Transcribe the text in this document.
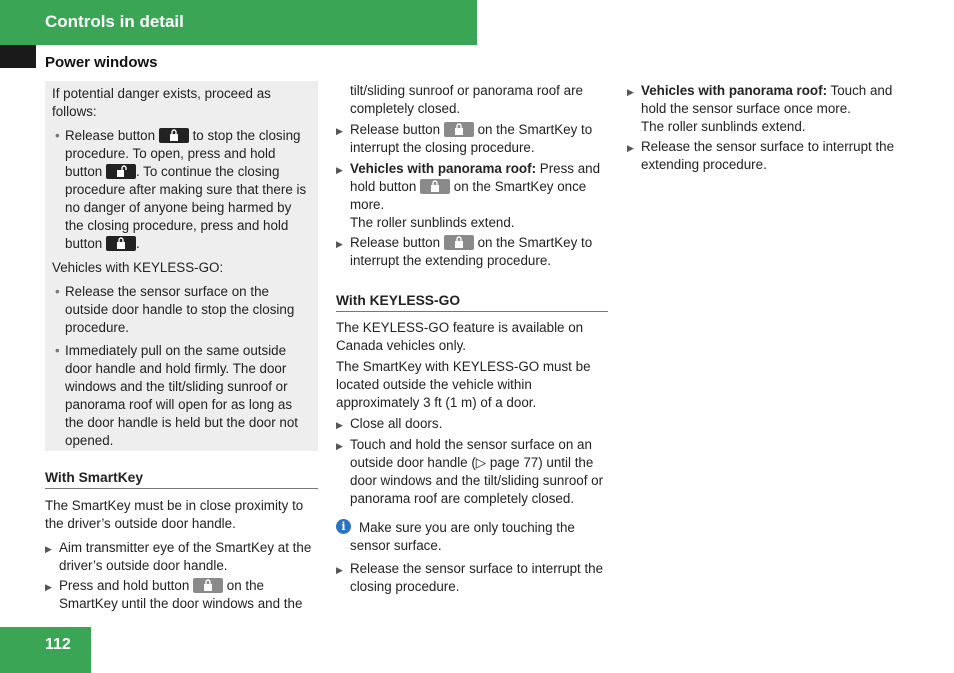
Controls in detail
Power windows
If potential danger exists, proceed as follows:
• Release button	to stop the closing procedure. To open, press and hold button	. To continue the closing procedure after making sure that there is no danger of anyone being harmed by the closing procedure, press and hold button	.
Vehicles with KEYLESS-GO:
• Release the sensor surface on the outside door handle to stop the closing procedure.
• Immediately pull on the same outside door handle and hold firmly. The door windows and the tilt/sliding sunroof or panorama roof will open for as long as the door handle is held but the door not opened.
With SmartKey
The SmartKey must be in close proximity to the driver’s outside door handle.
▶ Aim transmitter eye of the SmartKey at the driver’s outside door handle.
▶ Press and hold button	on the SmartKey until the door windows and the
tilt/sliding sunroof or panorama roof are completely closed.
▶ Release button	on the SmartKey to interrupt the closing procedure.
▶ Vehicles with panorama roof: Press and hold button	on the SmartKey once more.
The roller sunblinds extend.
▶ Release button	on the SmartKey to interrupt the extending procedure.
With KEYLESS-GO
The KEYLESS-GO feature is available on Canada vehicles only.
The SmartKey with KEYLESS-GO must be located outside the vehicle within approximately 3 ft (1 m) of a door.
▶ Close all doors.
▶ Touch and hold the sensor surface on an outside door handle (▷ page 77) until the door windows and the tilt/sliding sunroof or panorama roof are completely closed.
i	Make sure you are only touching the sensor surface.
▶ Release the sensor surface to interrupt the closing procedure.
▶ Vehicles with panorama roof: Touch and hold the sensor surface once more.
The roller sunblinds extend.
▶ Release the sensor surface to interrupt the extending procedure.
112
